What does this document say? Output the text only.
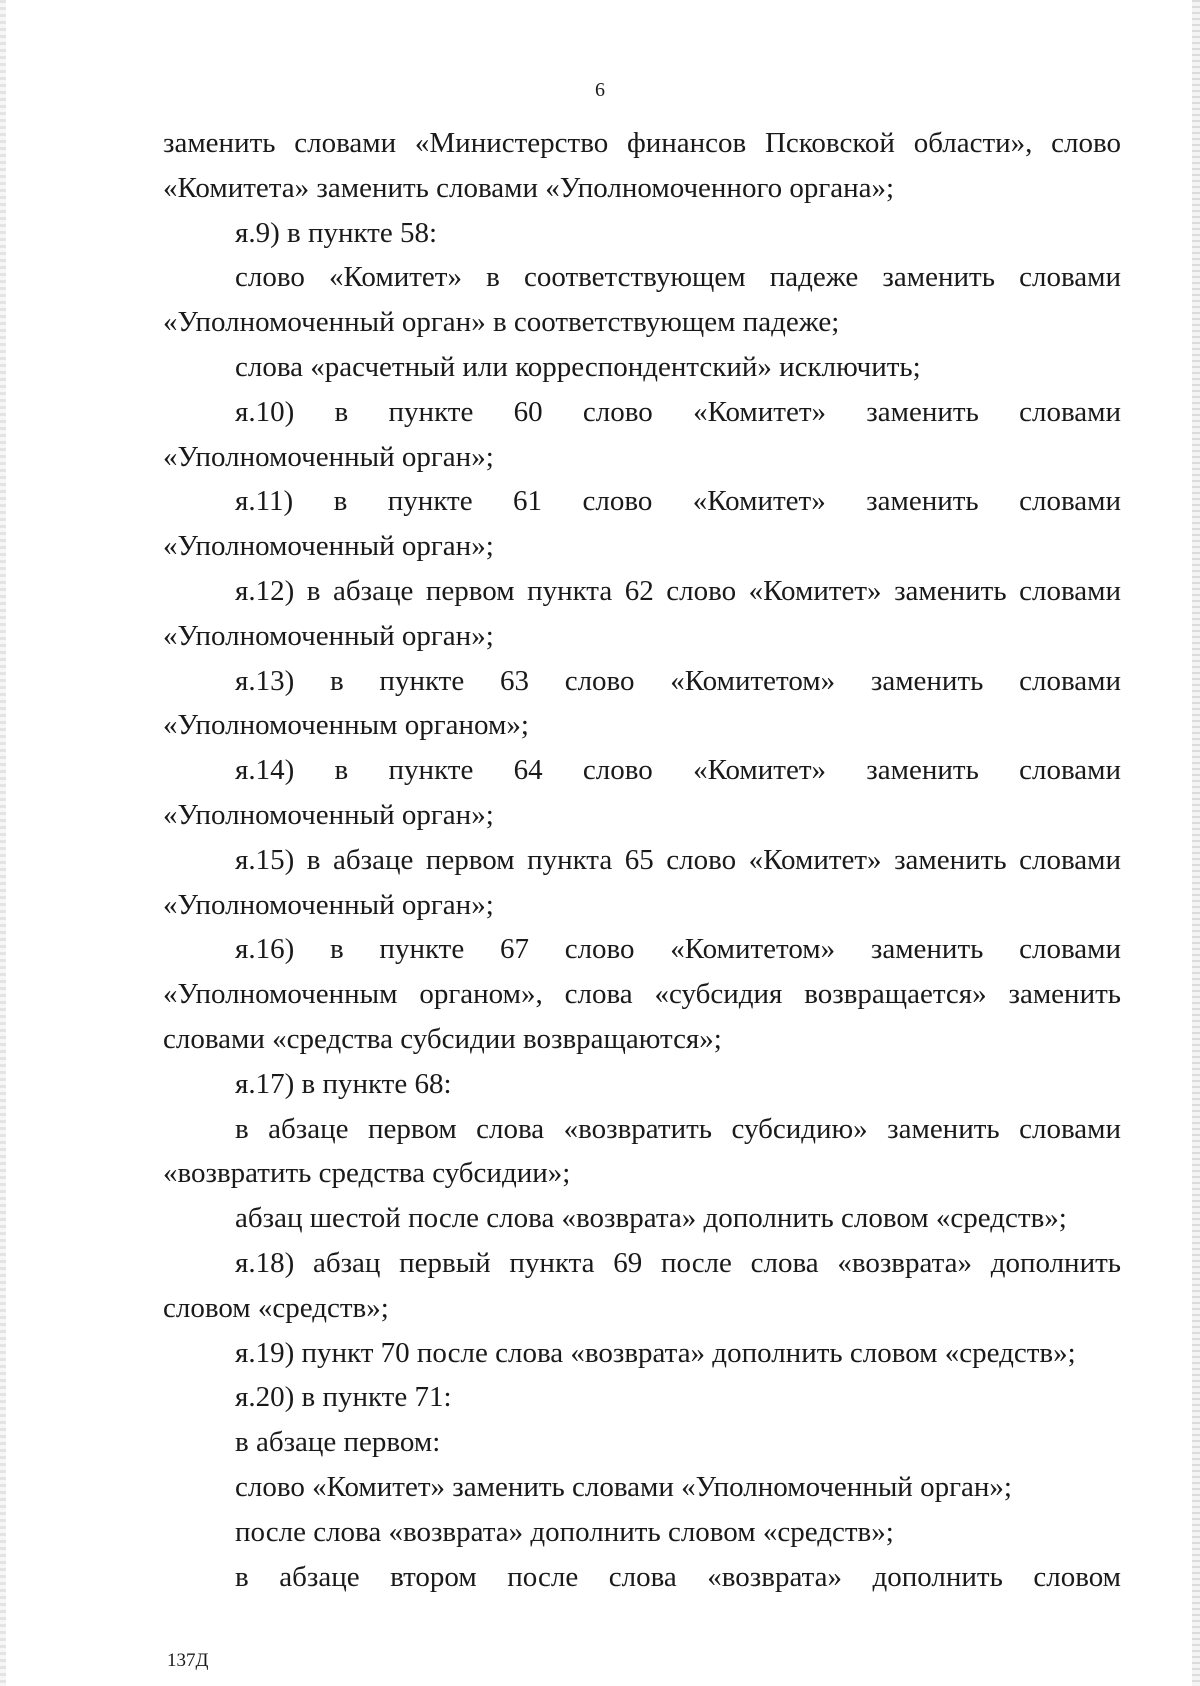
6
заменить словами «Министерство финансов Псковской области», слово
«Комитета» заменить словами «Уполномоченного органа»;
я.9) в пункте 58:
слово «Комитет» в соответствующем падеже заменить словами
«Уполномоченный орган» в соответствующем падеже;
слова «расчетный или корреспондентский» исключить;
я.10) в пункте 60 слово «Комитет» заменить словами
«Уполномоченный орган»;
я.11) в пункте 61 слово «Комитет» заменить словами
«Уполномоченный орган»;
я.12) в абзаце первом пункта 62 слово «Комитет» заменить словами
«Уполномоченный орган»;
я.13) в пункте 63 слово «Комитетом» заменить словами
«Уполномоченным органом»;
я.14) в пункте 64 слово «Комитет» заменить словами
«Уполномоченный орган»;
я.15) в абзаце первом пункта 65 слово «Комитет» заменить словами
«Уполномоченный орган»;
я.16) в пункте 67 слово «Комитетом» заменить словами
«Уполномоченным органом», слова «субсидия возвращается» заменить
словами «средства субсидии возвращаются»;
я.17) в пункте 68:
в абзаце первом слова «возвратить субсидию» заменить словами
«возвратить средства субсидии»;
абзац шестой после слова «возврата» дополнить словом «средств»;
я.18) абзац первый пункта 69 после слова «возврата» дополнить
словом «средств»;
я.19) пункт 70 после слова «возврата» дополнить словом «средств»;
я.20) в пункте 71:
в абзаце первом:
слово «Комитет» заменить словами «Уполномоченный орган»;
после слова «возврата» дополнить словом «средств»;
в абзаце втором после слова «возврата» дополнить словом
137Д
